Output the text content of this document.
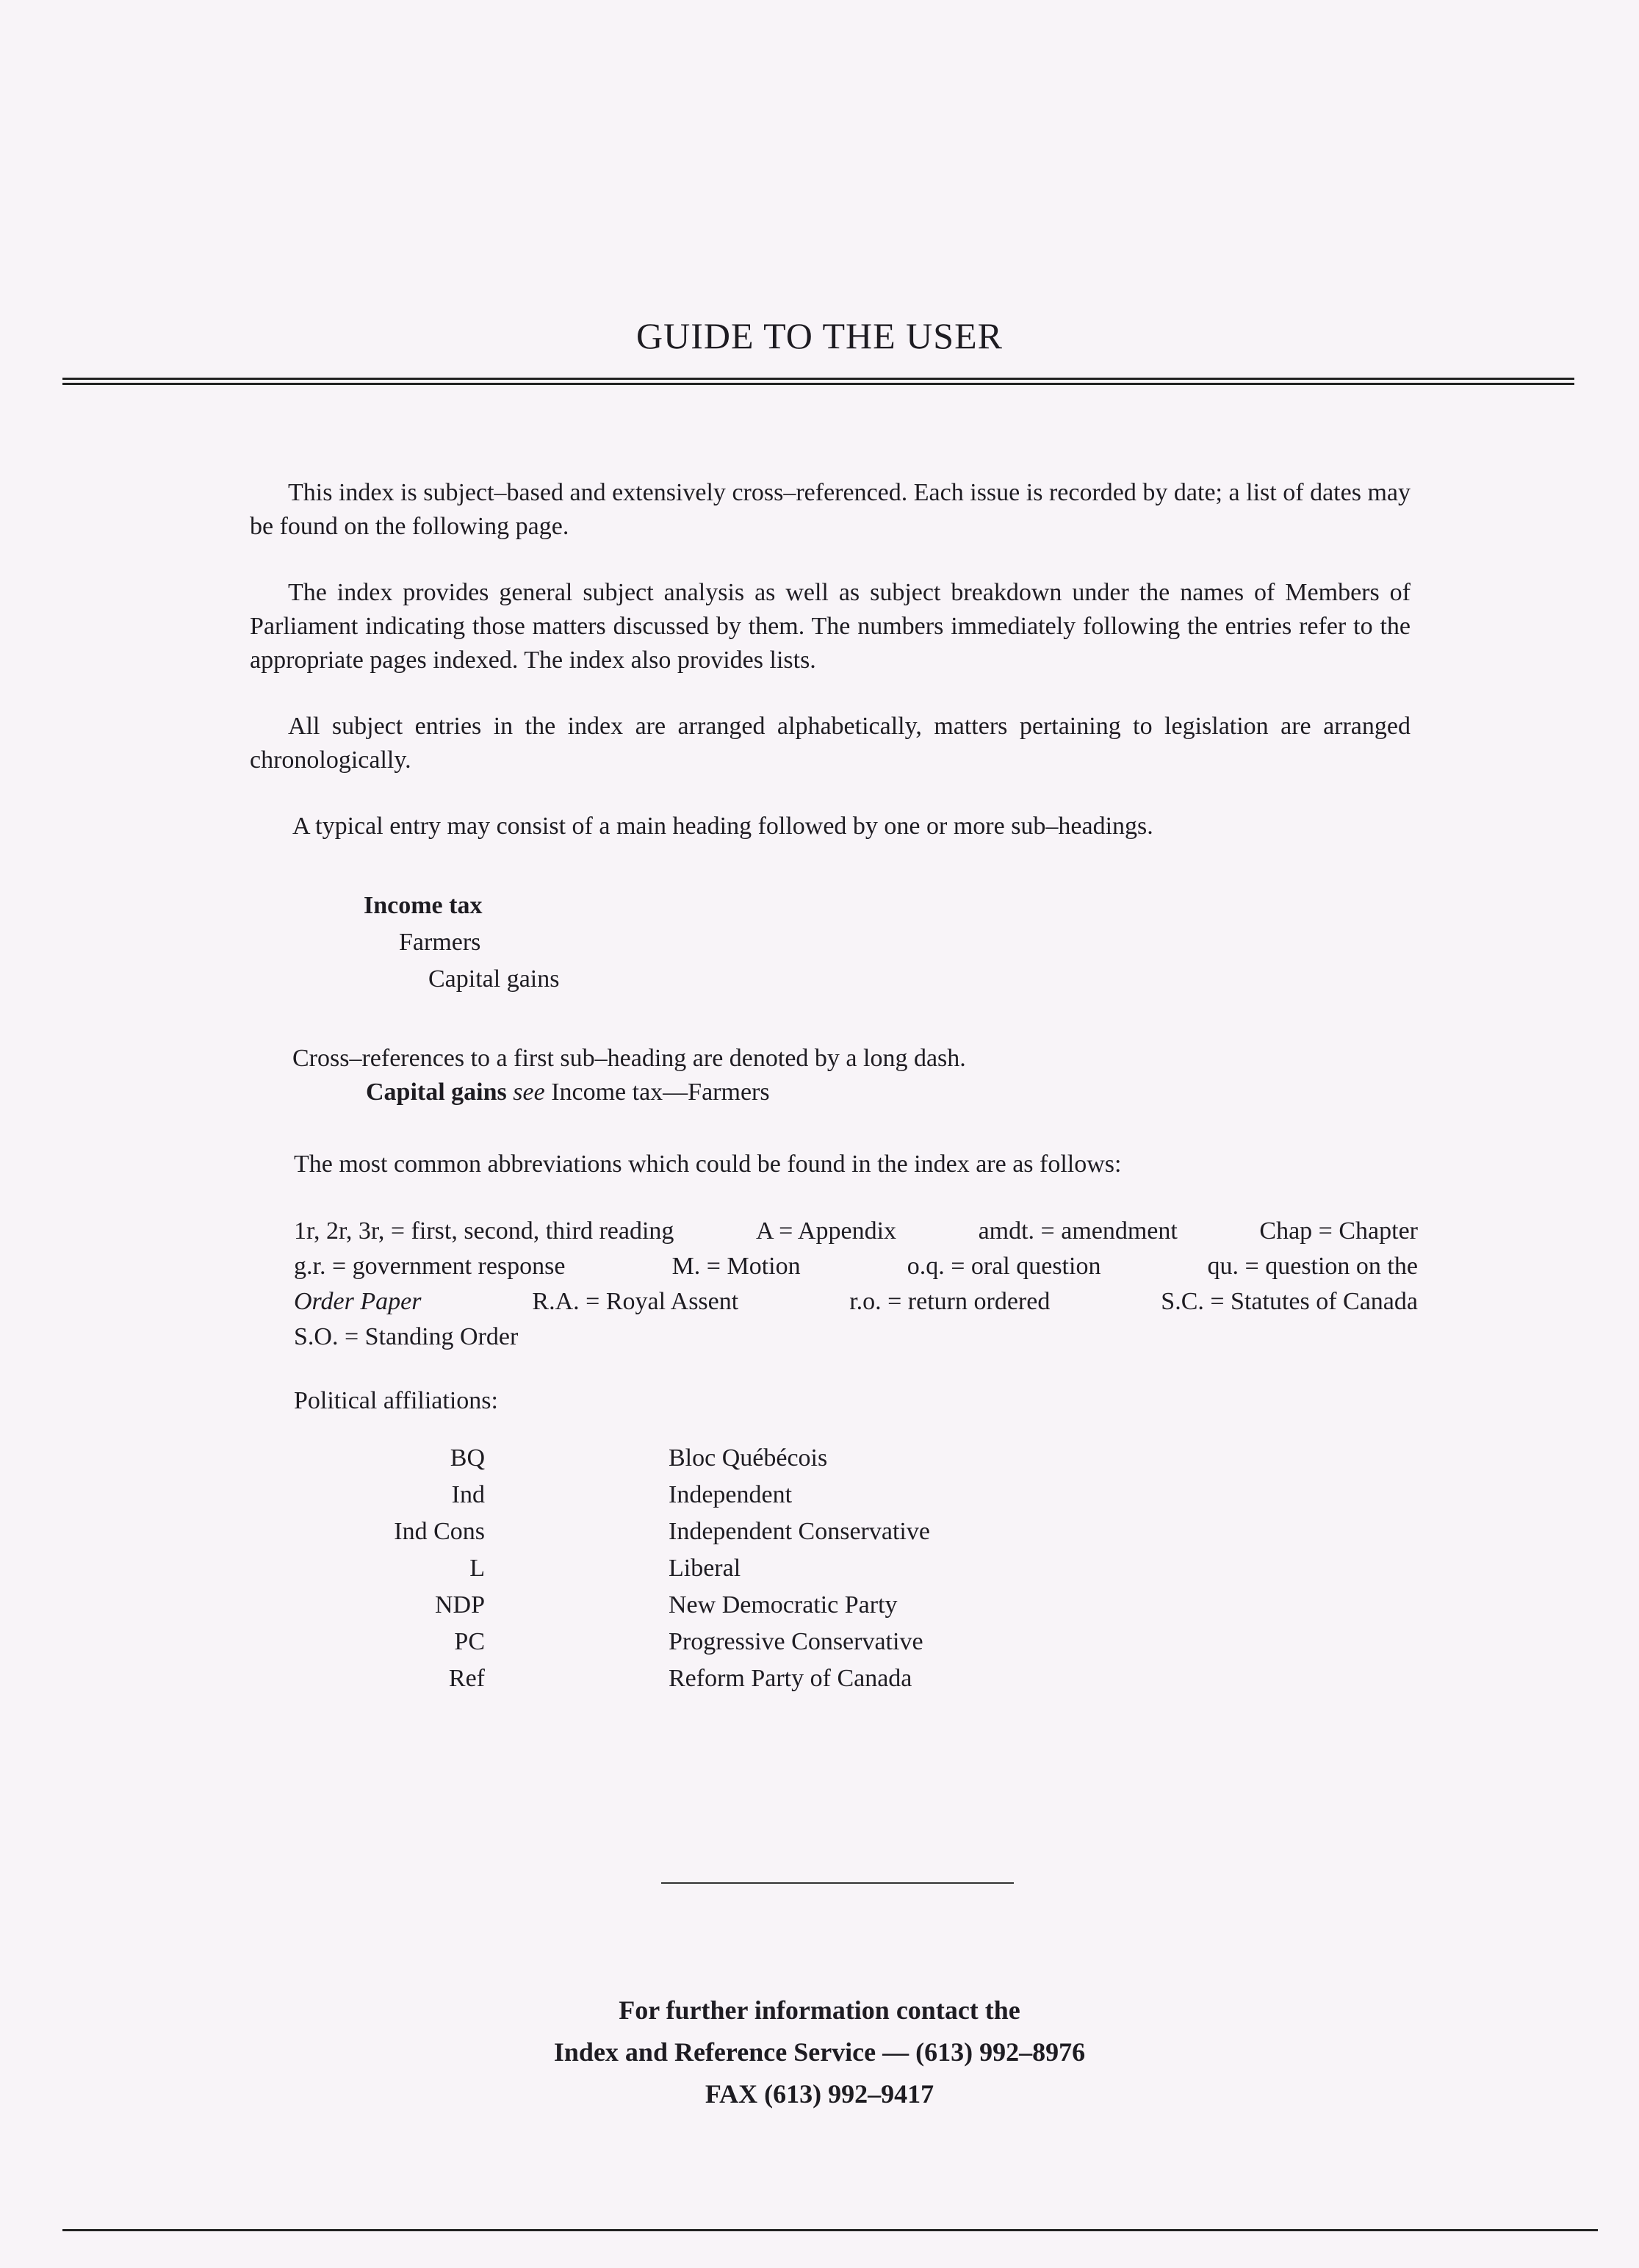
GUIDE TO THE USER

This index is subject–based and extensively cross–referenced. Each issue is recorded by date; a list of dates may be found on the following page.

The index provides general subject analysis as well as subject breakdown under the names of Members of Parliament indicating those matters discussed by them. The numbers immediately following the entries refer to the appropriate pages indexed. The index also provides lists.

All subject entries in the index are arranged alphabetically, matters pertaining to legislation are arranged chronologically.

A typical entry may consist of a main heading followed by one or more sub–headings.

Income tax
Farmers
Capital gains

Cross–references to a first sub–heading are denoted by a long dash.

Capital gains see Income tax—Farmers
The most common abbreviations which could be found in the index are as follows:
1r, 2r, 3r, = first, second, third reading	A = Appendix	amdt. = amendment	Chap = Chapter
g.r. = government response	M. = Motion	o.q. = oral question	qu. = question on the
Order Paper	R.A. = Royal Assent	r.o. = return ordered	S.C. = Statutes of Canada
S.O. = Standing Order
Political affiliations:
BQ	Bloc Québécois
Ind	Independent
Ind Cons	Independent Conservative
L	Liberal
NDP	New Democratic Party
PC	Progressive Conservative
Ref	Reform Party of Canada
For further information contact the
Index and Reference Service — (613) 992–8976
FAX (613) 992–9417
